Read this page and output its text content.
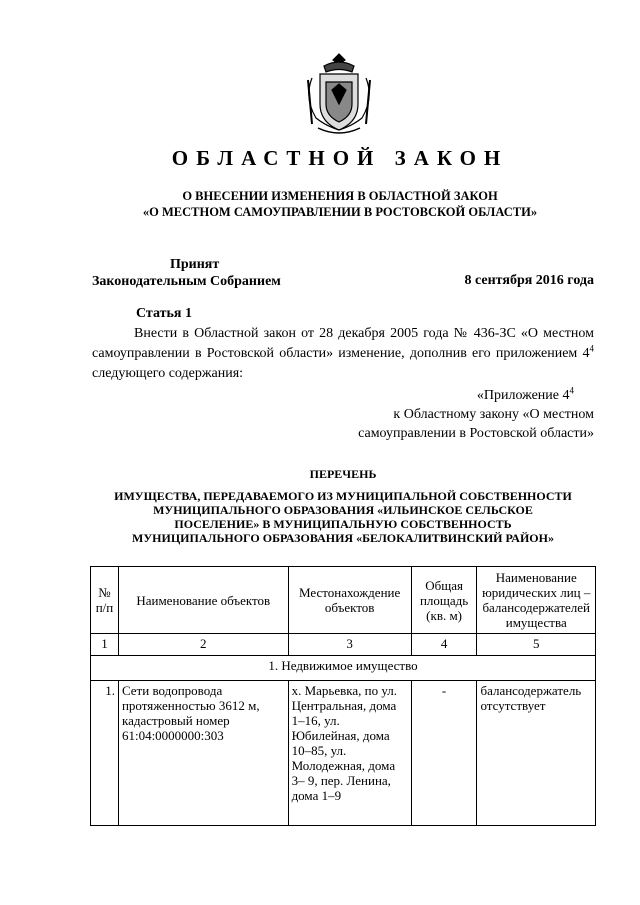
ОБЛАСТНОЙ ЗАКОН
О ВНЕСЕНИИ ИЗМЕНЕНИЯ В ОБЛАСТНОЙ ЗАКОН
«О МЕСТНОМ САМОУПРАВЛЕНИИ В РОСТОВСКОЙ ОБЛАСТИ»
Принят
Законодательным Собранием	8 сентября 2016 года
Статья 1
Внести в Областной закон от 28 декабря 2005 года № 436-ЗС «О местном самоуправлении в Ростовской области» изменение, дополнив его приложением $4^4$ следующего содержания:
«Приложение $4^4$
к Областному закону «О местном
самоуправлении в Ростовской области»
ПЕРЕЧЕНЬ
ИМУЩЕСТВА, ПЕРЕДАВАЕМОГО ИЗ МУНИЦИПАЛЬНОЙ СОБСТВЕННОСТИ
МУНИЦИПАЛЬНОГО ОБРАЗОВАНИЯ «ИЛЬИНСКОЕ СЕЛЬСКОЕ
ПОСЕЛЕНИЕ» В МУНИЦИПАЛЬНУЮ СОБСТВЕННОСТЬ
МУНИЦИПАЛЬНОГО ОБРАЗОВАНИЯ «БЕЛОКАЛИТВИНСКИЙ РАЙОН»
№ п/п	Наименование объектов	Местонахождение объектов	Общая площадь (кв. м)	Наименование юридических лиц – балансодержателей имущества
1	2	3	4	5
1. Недвижимое имущество				
1.	Сети водопровода протяженностью 3612 м, кадастровый номер 61:04:0000000:303	х. Марьевка, по ул. Центральная, дома 1–16, ул. Юбилейная, дома 10–85, ул. Молодежная, дома 3– 9, пер. Ленина, дома 1–9	-	балансодержатель отсутствует
